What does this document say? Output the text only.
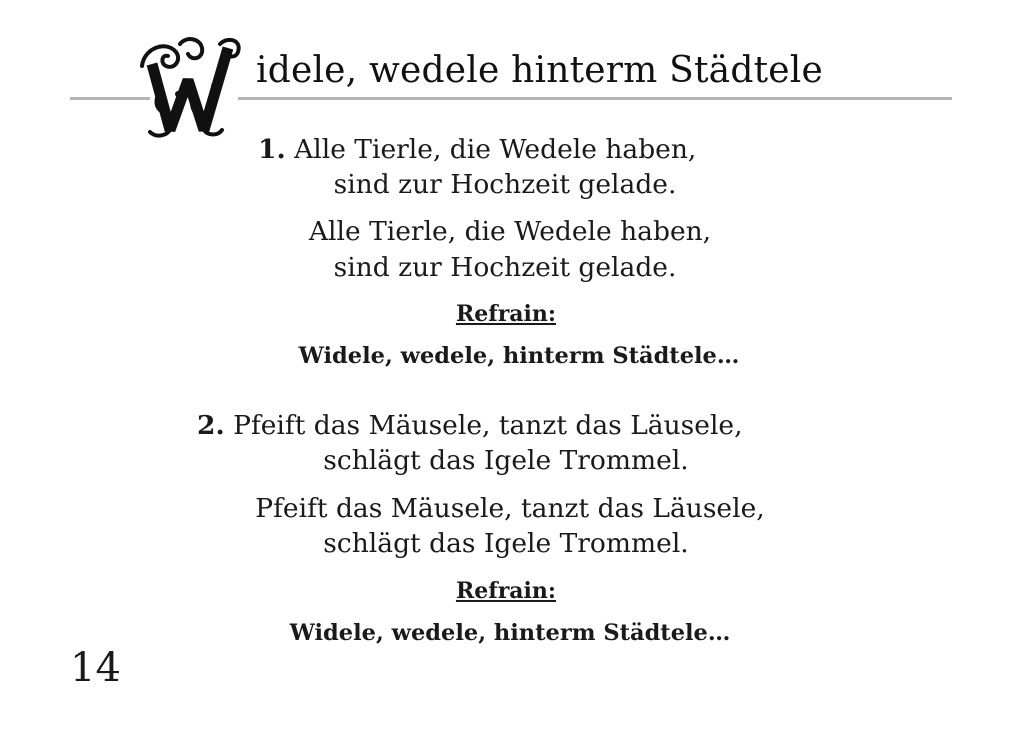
idele, wedele hinterm Städtele

1. Alle Tierle, die Wedele haben,

sind zur Hochzeit gelade.

Alle Tierle, die Wedele haben,

sind zur Hochzeit gelade.

Refrain:

Widele, wedele, hinterm Städtele…

2. Pfeift das Mäusele, tanzt das Läusele,

schlägt das Igele Trommel.

Pfeift das Mäusele, tanzt das Läusele,

schlägt das Igele Trommel.

Refrain:

Widele, wedele, hinterm Städtele…

14
